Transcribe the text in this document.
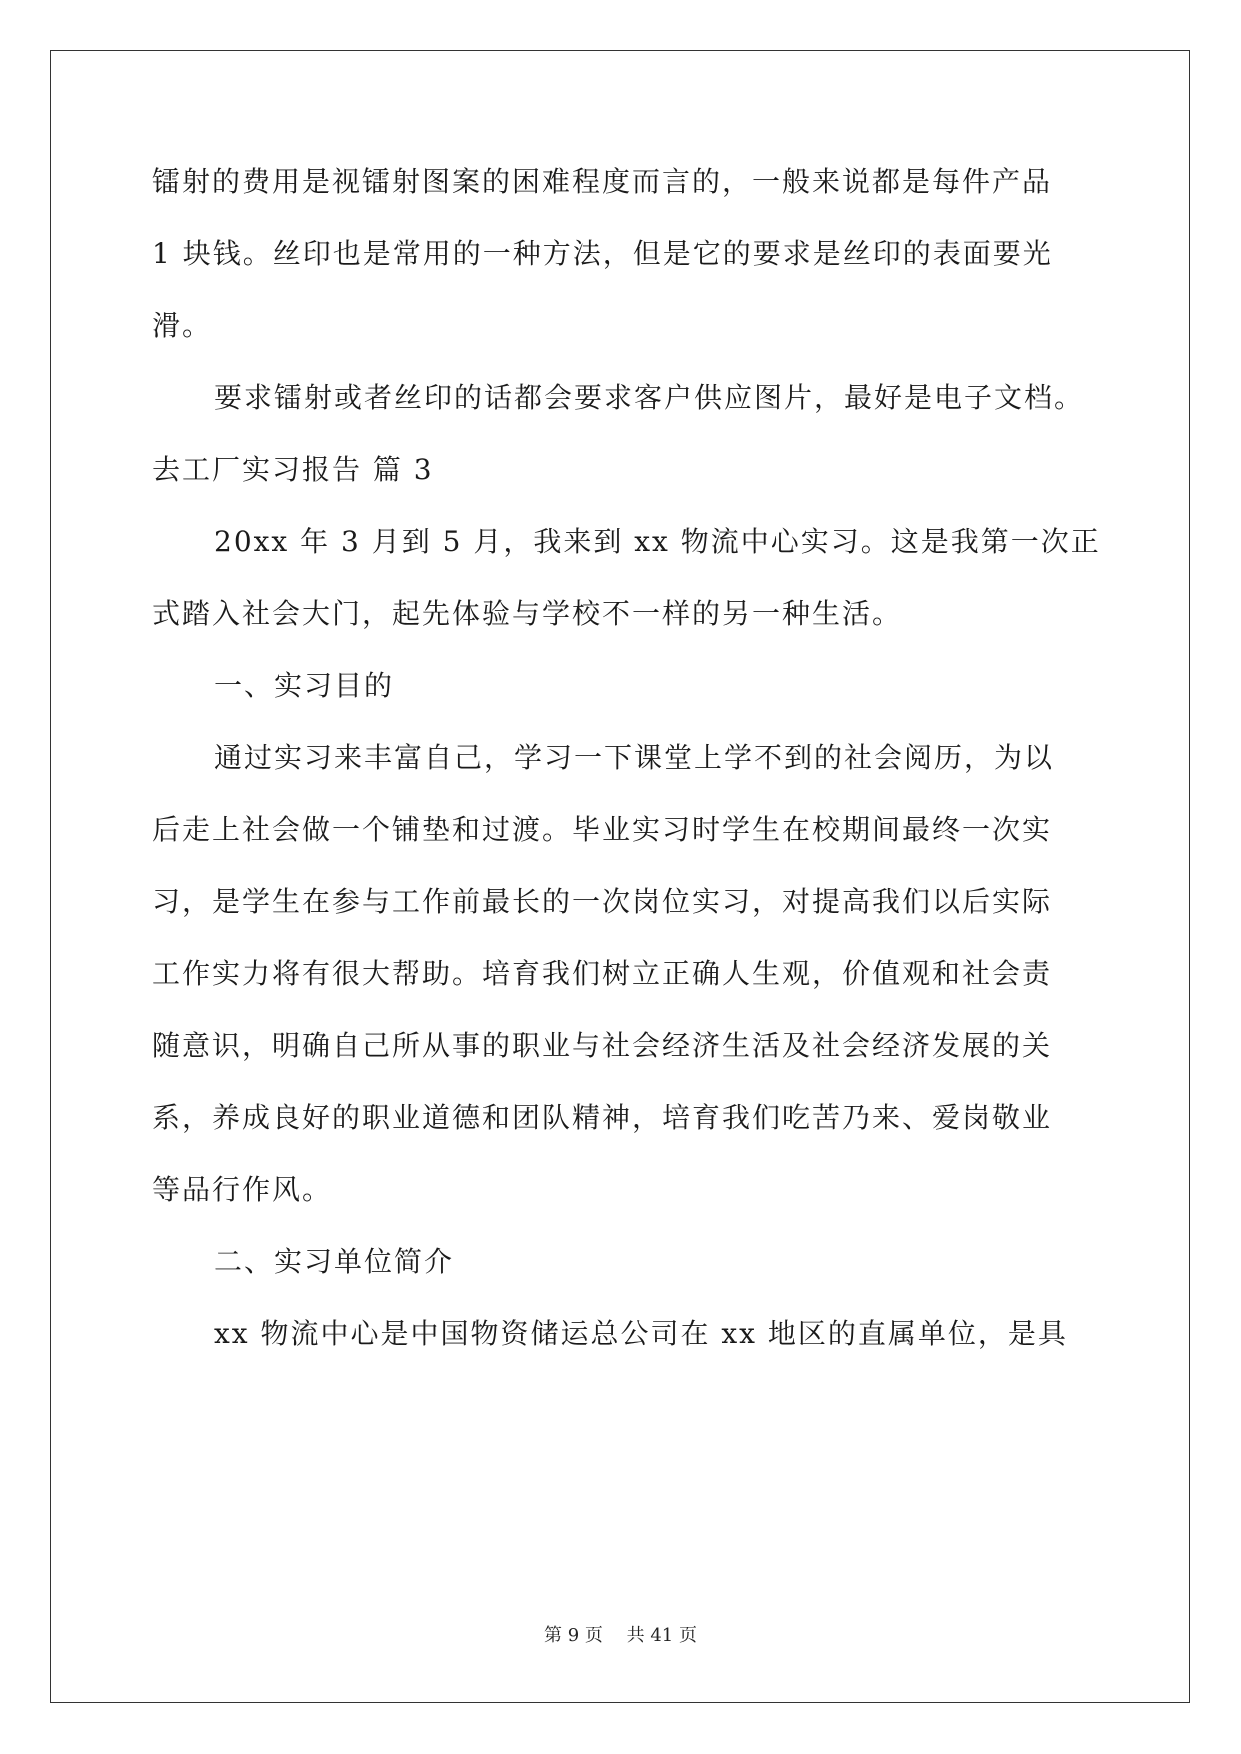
镭射的费用是视镭射图案的困难程度而言的，一般来说都是每件产品
1 块钱。丝印也是常用的一种方法，但是它的要求是丝印的表面要光
滑。
要求镭射或者丝印的话都会要求客户供应图片，最好是电子文档。
去工厂实习报告 篇 3
20xx 年 3 月到 5 月，我来到 xx 物流中心实习。这是我第一次正
式踏入社会大门，起先体验与学校不一样的另一种生活。
一、实习目的
通过实习来丰富自己，学习一下课堂上学不到的社会阅历，为以
后走上社会做一个铺垫和过渡。毕业实习时学生在校期间最终一次实
习，是学生在参与工作前最长的一次岗位实习，对提高我们以后实际
工作实力将有很大帮助。培育我们树立正确人生观，价值观和社会责
随意识，明确自己所从事的职业与社会经济生活及社会经济发展的关
系，养成良好的职业道德和团队精神，培育我们吃苦乃来、爱岗敬业
等品行作风。
二、实习单位简介
xx 物流中心是中国物资储运总公司在 xx 地区的直属单位，是具
第 9 页　 共 41 页
